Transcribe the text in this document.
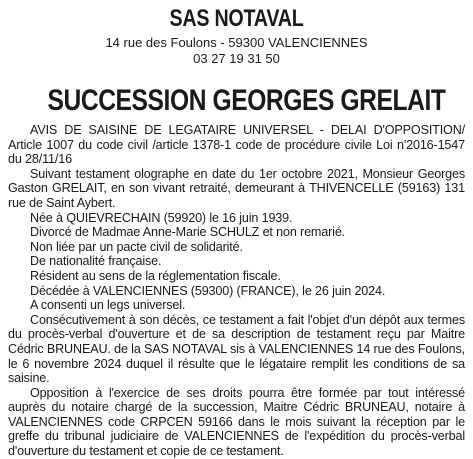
SAS NOTAVAL
14 rue des Foulons - 59300 VALENCIENNES
03 27 19 31 50
SUCCESSION GEORGES GRELAIT

AVIS DE SAISINE DE LEGATAIRE UNIVERSEL - DELAI D'OPPOSITION/ Article 1007 du code civil /article 1378-1 code de procédure civile Loi n'2016-1547 du 28/11/16

Suivant testament olographe en date du 1er octobre 2021, Monsieur Georges Gaston GRELAIT, en son vivant retraité, demeurant à THIVENCELLE (59163) 131 rue de Saint Aybert.

Née à QUIEVRECHAIN (59920) le 16 juin 1939.

Divorcé de Madmae Anne-Marie SCHULZ et non remarié.

Non liée par un pacte civil de solidarité.

De nationalité française.

Résident au sens de la réglementation fiscale.

Décédée à VALENCIENNES (59300) (FRANCE), le 26 juin 2024.

A consenti un legs universel.

Consécutivement à son décès, ce testament a fait l'objet d'un dépôt aux termes du procès-verbal d'ouverture et de sa description de testament reçu par Maitre Cédric BRUNEAU. de la SAS NOTAVAL sis à VALENCIENNES 14 rue des Foulons, le 6 novembre 2024 duquel il résulte que le légataire remplit les conditions de sa saisine.

Opposition à l'exercice de ses droits pourra être formée par tout intéressé auprès du notaire chargé de la succession, Maitre Cédric BRUNEAU, notaire à VALENCIENNES code CRPCEN 59166 dans le mois suivant la réception par le greffe du tribunal judiciaire de VALENCIENNES de l'expédition du procès-verbal d'ouverture du testament et copie de ce testament.
